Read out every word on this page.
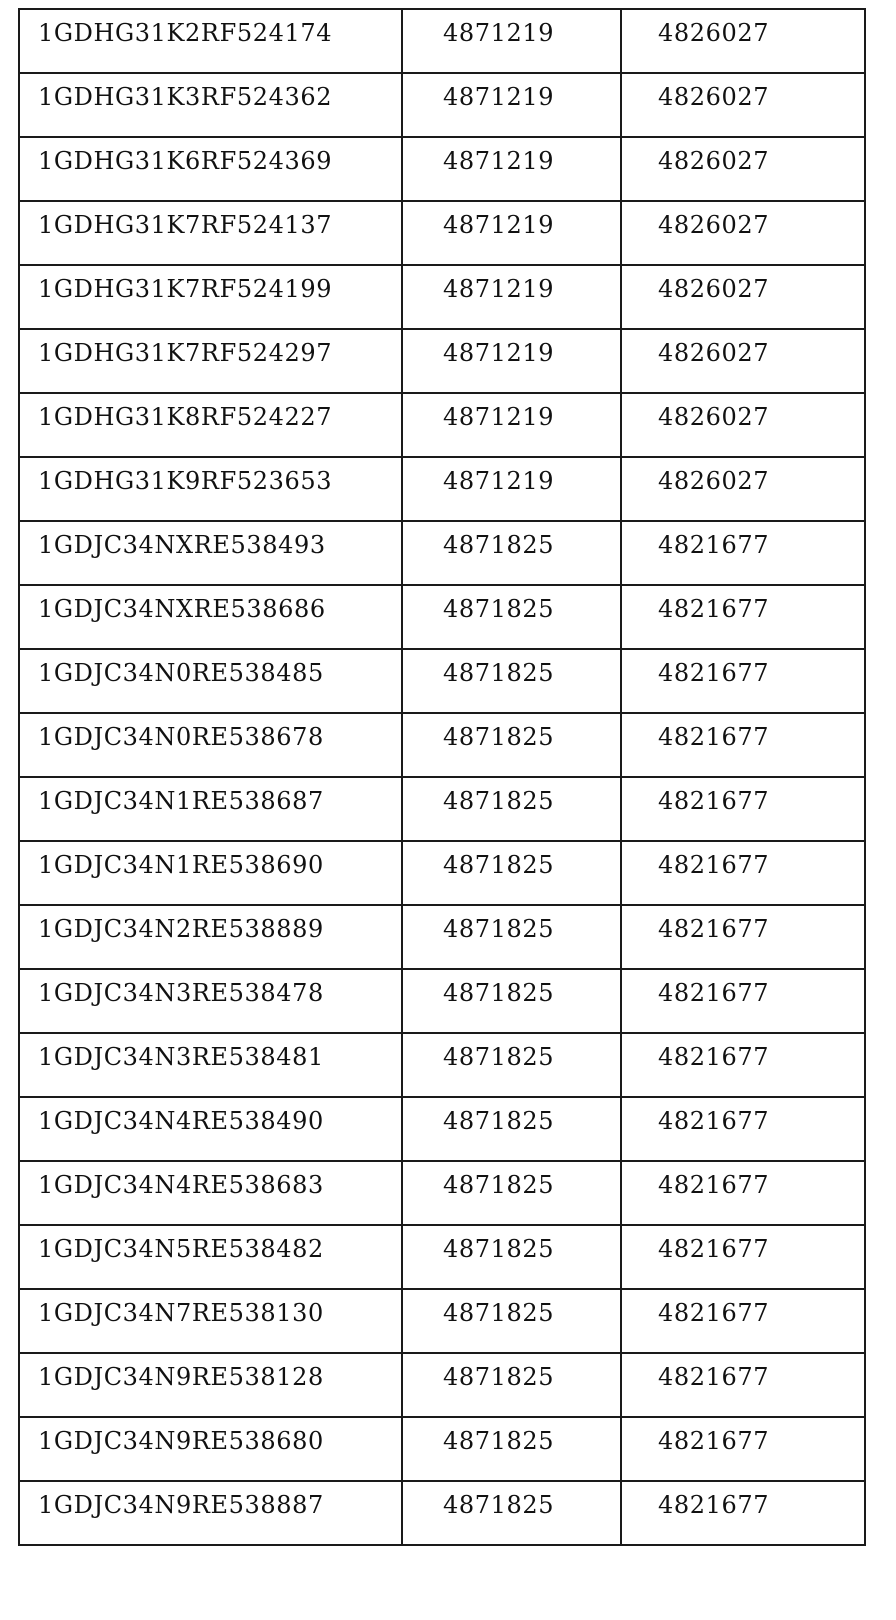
1GDHG31K2RF524174	4871219	4826027

1GDHG31K3RF524362	4871219	4826027

1GDHG31K6RF524369	4871219	4826027

1GDHG31K7RF524137	4871219	4826027

1GDHG31K7RF524199	4871219	4826027

1GDHG31K7RF524297	4871219	4826027

1GDHG31K8RF524227	4871219	4826027

1GDHG31K9RF523653	4871219	4826027

1GDJC34NXRE538493	4871825	4821677

1GDJC34NXRE538686	4871825	4821677

1GDJC34N0RE538485	4871825	4821677

1GDJC34N0RE538678	4871825	4821677

1GDJC34N1RE538687	4871825	4821677

1GDJC34N1RE538690	4871825	4821677

1GDJC34N2RE538889	4871825	4821677

1GDJC34N3RE538478	4871825	4821677

1GDJC34N3RE538481	4871825	4821677

1GDJC34N4RE538490	4871825	4821677

1GDJC34N4RE538683	4871825	4821677

1GDJC34N5RE538482	4871825	4821677

1GDJC34N7RE538130	4871825	4821677

1GDJC34N9RE538128	4871825	4821677

1GDJC34N9RE538680	4871825	4821677

1GDJC34N9RE538887	4871825	4821677
